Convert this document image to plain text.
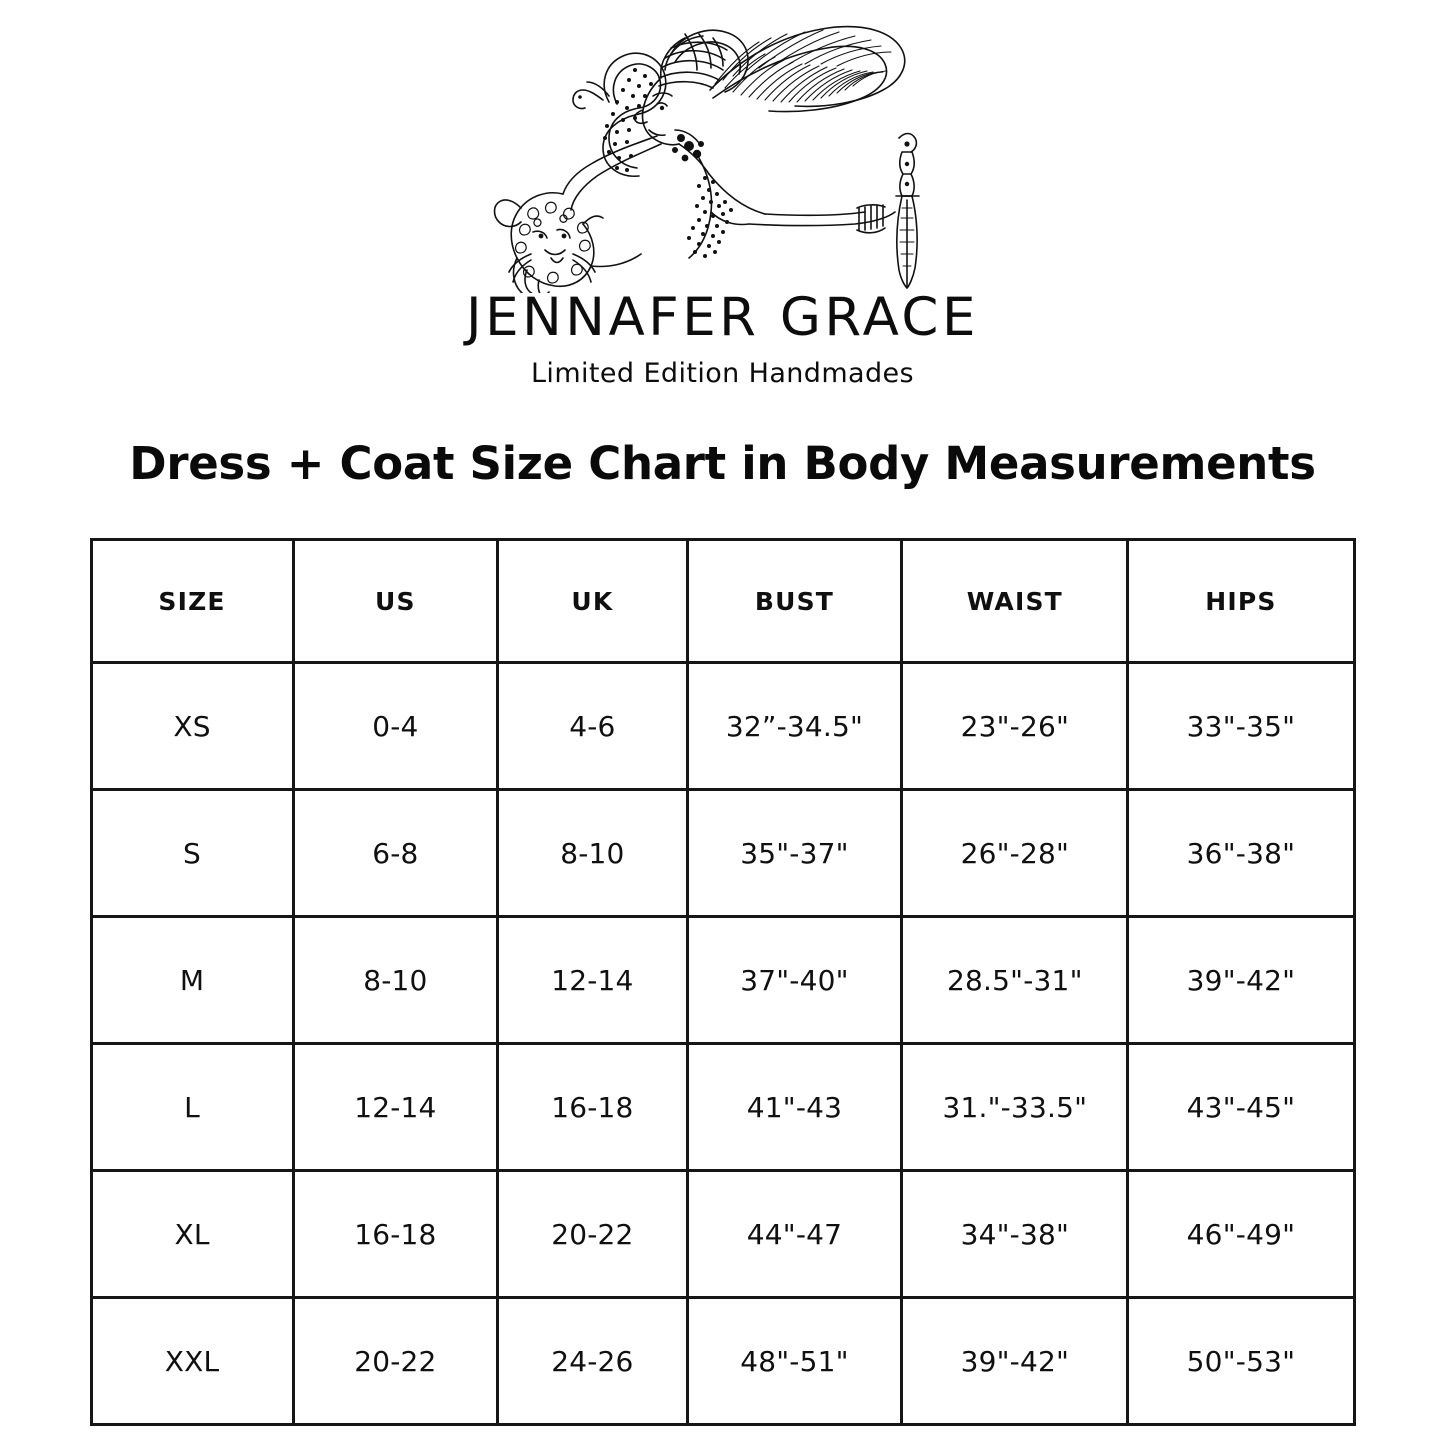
JENNAFER GRACE
Limited Edition Handmades
Dress + Coat Size Chart in Body Measurements
SIZE	US	UK	BUST	WAIST	HIPS
XS	0-4	4-6	32”-34.5"	23"-26"	33"-35"
S	6-8	8-10	35"-37"	26"-28"	36"-38"
M	8-10	12-14	37"-40"	28.5"-31"	39"-42"
L	12-14	16-18	41"-43	31."-33.5"	43"-45"
XL	16-18	20-22	44"-47	34"-38"	46"-49"
XXL	20-22	24-26	48"-51"	39"-42"	50"-53"
